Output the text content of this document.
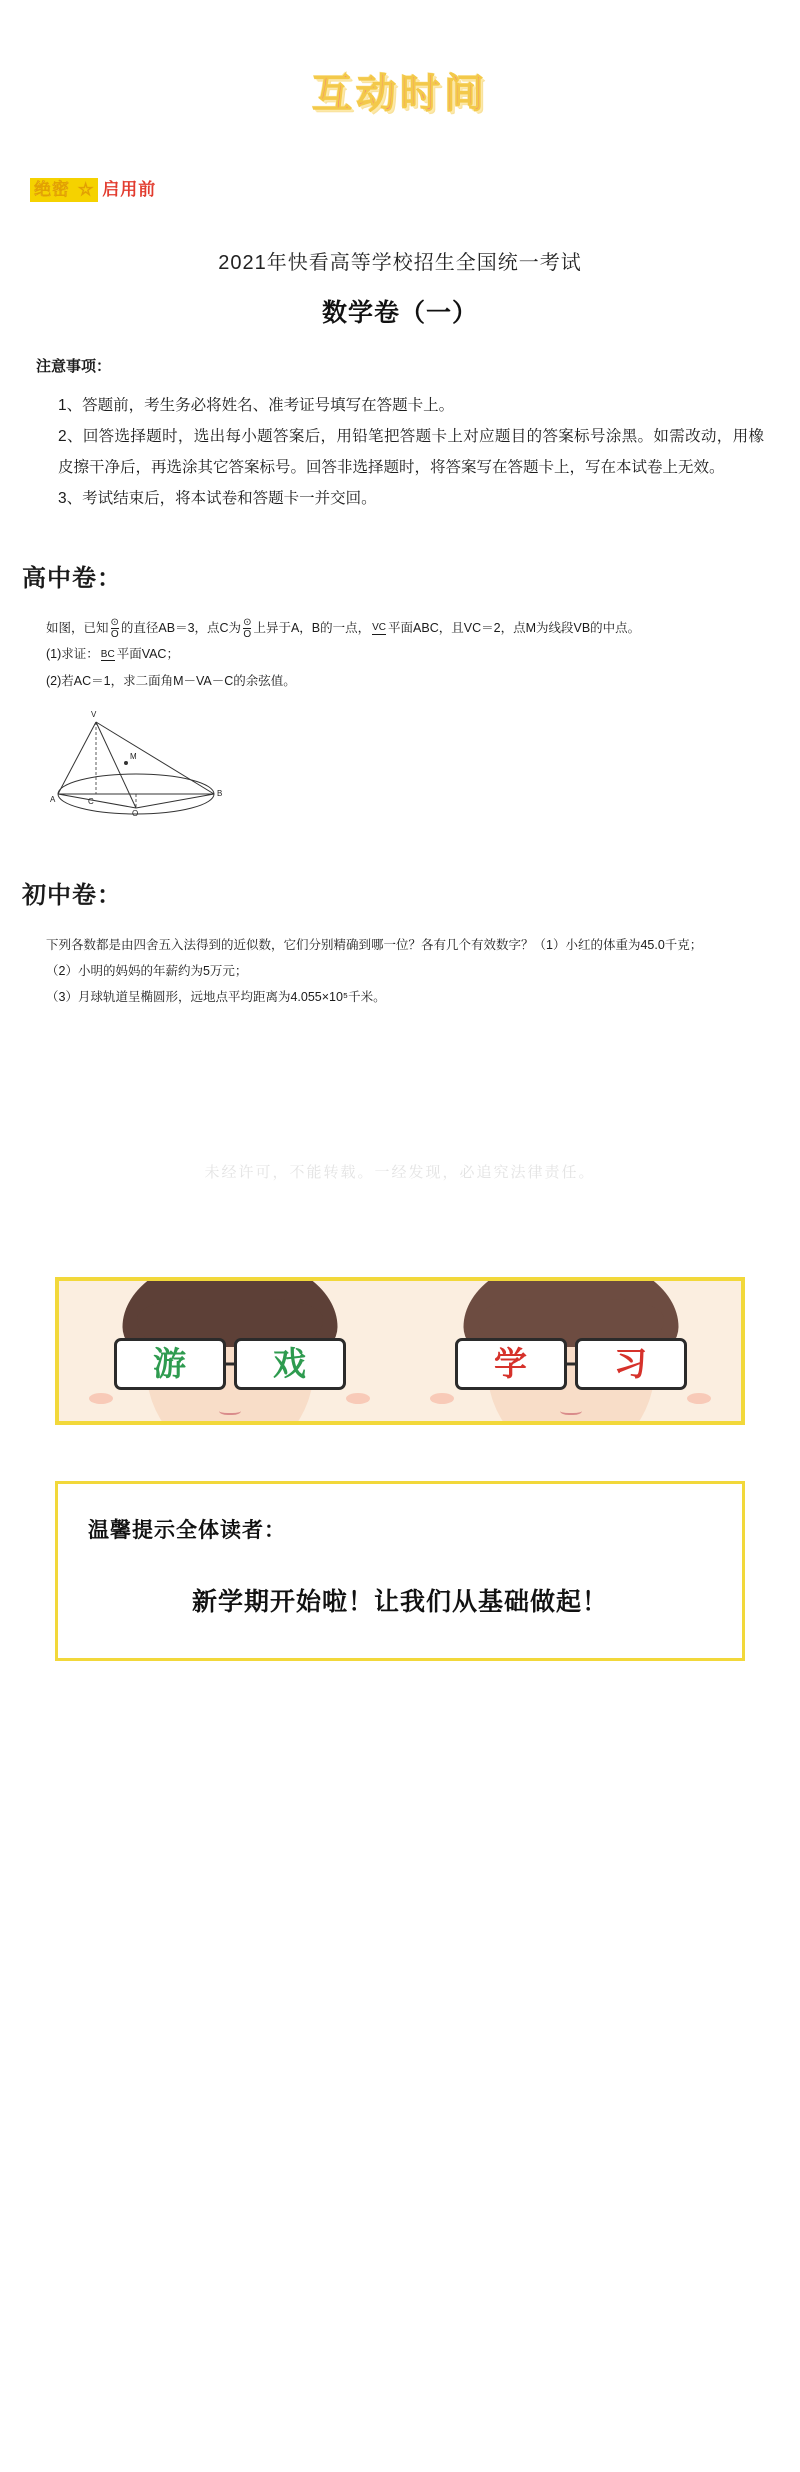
互动时间
绝密 ☆ 启用前
2021年快看高等学校招生全国统一考试
数学卷（一）
注意事项：
1、答题前，考生务必将姓名、准考证号填写在答题卡上。
2、回答选择题时，选出每小题答案后，用铅笔把答题卡上对应题目的答案标号涂黑。如需改动，用橡皮擦干净后，再选涂其它答案标号。回答非选择题时，将答案写在答题卡上，写在本试卷上无效。
3、考试结束后，将本试卷和答题卡一并交回。
高中卷：
如图，已知 $\frac{⊙}{O}$ 的直径AB＝3，点C为 $\frac{⊙}{O}$ 上异于A，B的一点， VC 平面ABC，且VC＝2，点M为线段VB的中点。
(1)求证： BC 平面VAC；
(2)若AC＝1，求二面角M－VA－C的余弦值。
V
M
C
B
A
O
初中卷：
下列各数都是由四舍五入法得到的近似数，它们分别精确到哪一位？各有几个有效数字？（1）小红的体重为45.0千克；
（2）小明的妈妈的年薪约为5万元；
（3）月球轨道呈椭圆形，远地点平均距离为4.055×10⁵千米。
未经许可，不能转载。一经发现，必追究法律责任。
游	戏	学	习
温馨提示全体读者：
新学期开始啦！让我们从基础做起！
